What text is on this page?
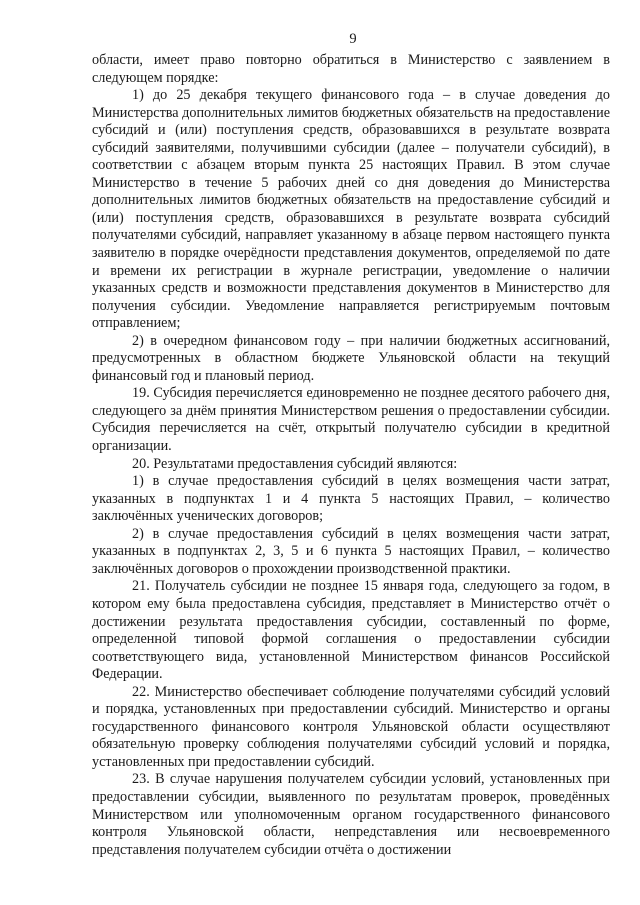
9

области, имеет право повторно обратиться в Министерство с заявлением в следующем порядке:

1) до 25 декабря текущего финансового года – в случае доведения до Министерства дополнительных лимитов бюджетных обязательств на предоставление субсидий и (или) поступления средств, образовавшихся в результате возврата субсидий заявителями, получившими субсидии (далее – получатели субсидий), в соответствии с абзацем вторым пункта 25 настоящих Правил. В этом случае Министерство в течение 5 рабочих дней со дня доведения до Министерства дополнительных лимитов бюджетных обязательств на предоставление субсидий и (или) поступления средств, образовавшихся в результате возврата субсидий получателями субсидий, направляет указанному в абзаце первом настоящего пункта заявителю в порядке очерёдности представления документов, определяемой по дате и времени их регистрации в журнале регистрации, уведомление о наличии указанных средств и возможности представления документов в Министерство для получения субсидии. Уведомление направляется регистрируемым почтовым отправлением;

2) в очередном финансовом году – при наличии бюджетных ассигнований, предусмотренных в областном бюджете Ульяновской области на текущий финансовый год и плановый период.

19. Субсидия перечисляется единовременно не позднее десятого рабочего дня, следующего за днём принятия Министерством решения о предоставлении субсидии. Субсидия перечисляется на счёт, открытый получателю субсидии в кредитной организации.

20. Результатами предоставления субсидий являются:

1) в случае предоставления субсидий в целях возмещения части затрат, указанных в подпунктах 1 и 4 пункта 5 настоящих Правил, – количество заключённых ученических договоров;

2) в случае предоставления субсидий в целях возмещения части затрат, указанных в подпунктах 2, 3, 5 и 6 пункта 5 настоящих Правил, – количество заключённых договоров о прохождении производственной практики.

21. Получатель субсидии не позднее 15 января года, следующего за годом, в котором ему была предоставлена субсидия, представляет в Министерство отчёт о достижении результата предоставления субсидии, составленный по форме, определенной типовой формой соглашения о предоставлении субсидии соответствующего вида, установленной Министерством финансов Российской Федерации.

22. Министерство обеспечивает соблюдение получателями субсидий условий и порядка, установленных при предоставлении субсидий. Министерство и органы государственного финансового контроля Ульяновской области осуществляют обязательную проверку соблюдения получателями субсидий условий и порядка, установленных при предоставлении субсидий.

23. В случае нарушения получателем субсидии условий, установленных при предоставлении субсидии, выявленного по результатам проверок, проведённых Министерством или уполномоченным органом государственного финансового контроля Ульяновской области, непредставления или несвоевременного представления получателем субсидии отчёта о достижении
